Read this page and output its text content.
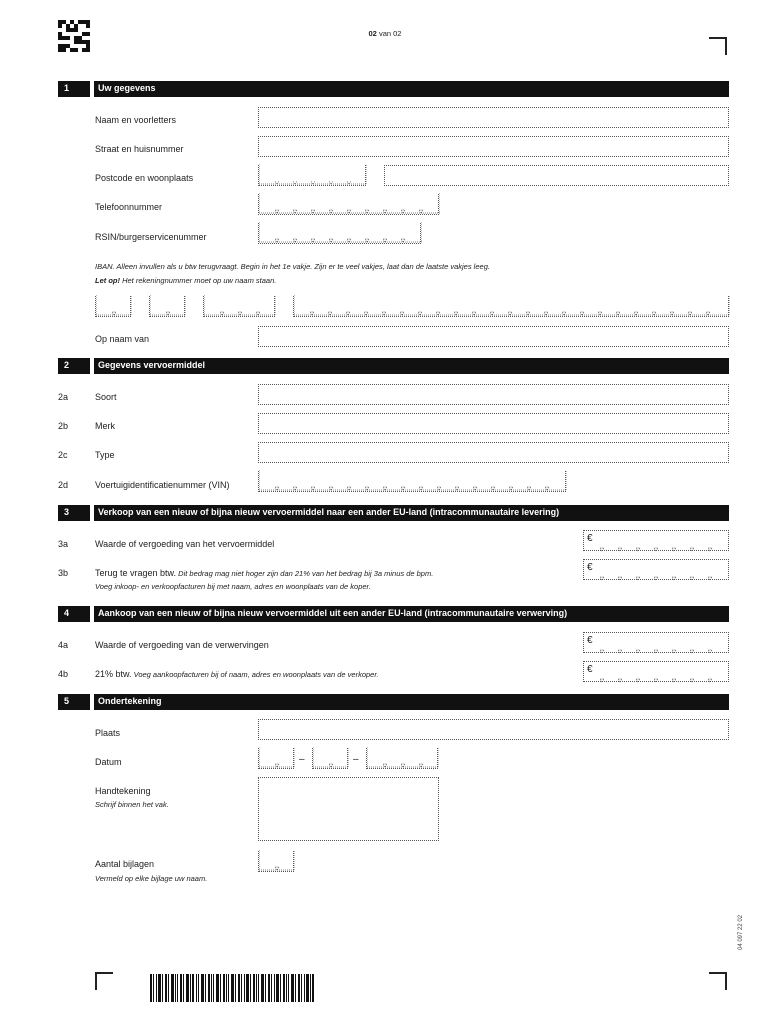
02 van 02
1	Uw gegevens
Naam en voorletters
Straat en huisnummer
Postcode en woonplaats
Telefoonnummer
RSIN/burgerservicenummer
IBAN. Alleen invullen als u btw terugvraagt. Begin in het 1e vakje. Zijn er te veel vakjes, laat dan de laatste vakjes leeg.
Let op! Het rekeningnummer moet op uw naam staan.
Op naam van
2	Gegevens vervoermiddel
2a	Soort
2b	Merk
2c	Type
2d	Voertuigidentificatienummer (VIN)
3	Verkoop van een nieuw of bijna nieuw vervoermiddel naar een ander EU-land (intracommunautaire levering)
3a	Waarde of vergoeding van het vervoermiddel	€
3b	Terug te vragen btw. Dit bedrag mag niet hoger zijn dan 21% van het bedrag bij 3a minus de bpm.
Voeg inkoop- en verkoopfacturen bij met naam, adres en woonplaats van de koper.
€
4	Aankoop van een nieuw of bijna nieuw vervoermiddel uit een ander EU-land (intracommunautaire verwerving)
4a	Waarde of vergoeding van de verwervingen	€
4b	21% btw. Voeg aankoopfacturen bij of naam, adres en woonplaats van de verkoper.	€
5	Ondertekening
Plaats
Datum	–	–
Handtekening
Schrijf binnen het vak.
Aantal bijlagen
Vermeld op elke bijlage uw naam.
04 097 22 02
